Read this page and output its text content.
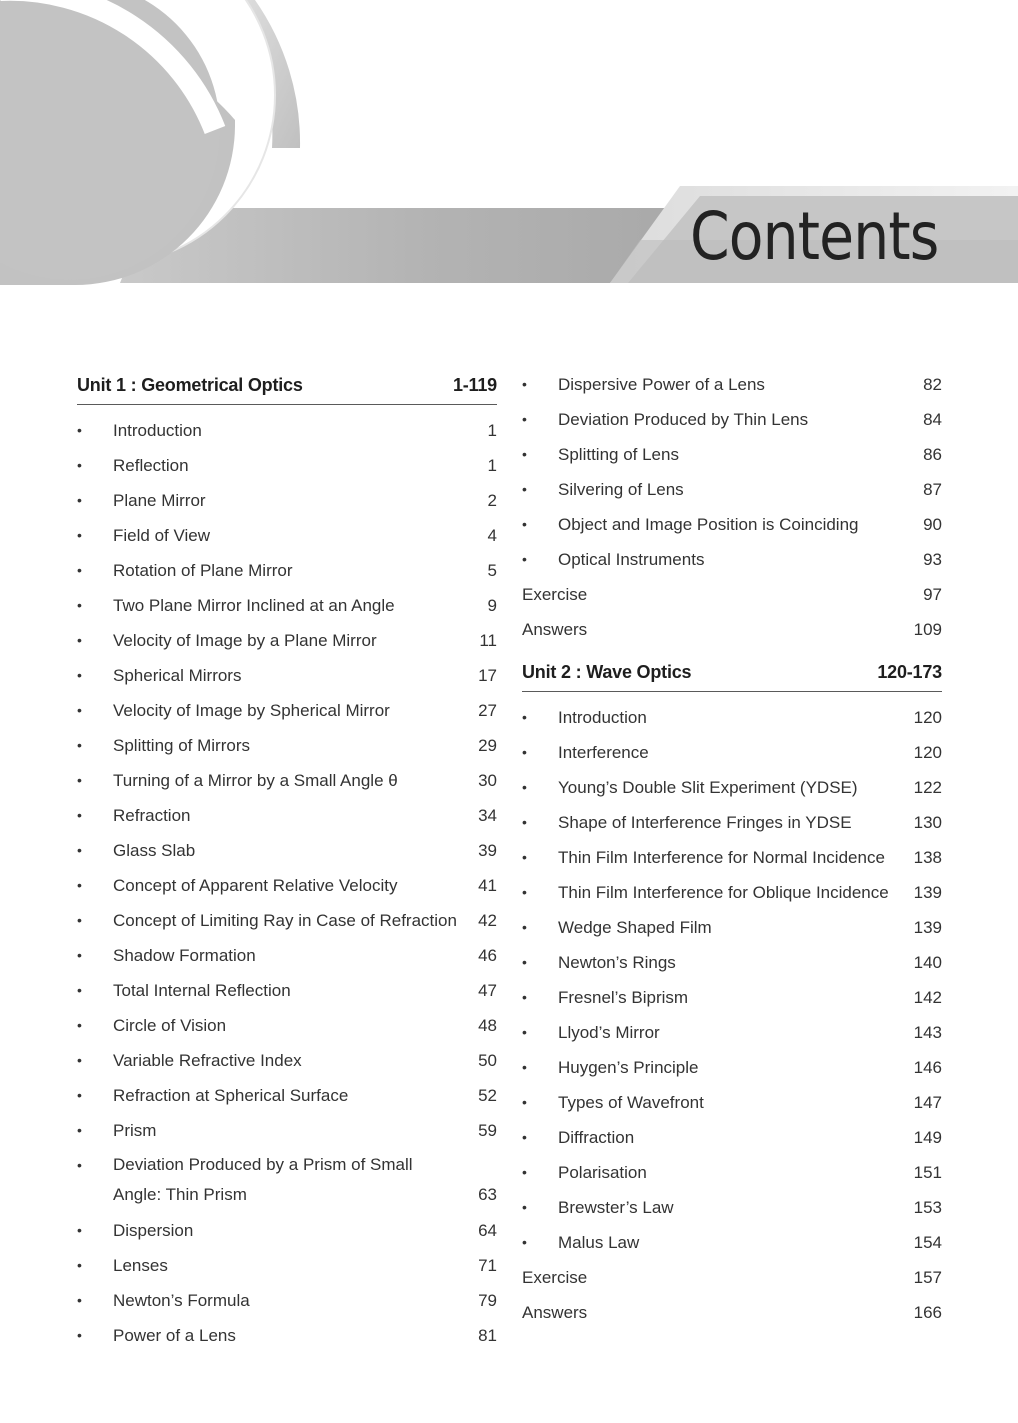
Contents
Unit 1 : Geometrical Optics	1-119
•	Introduction	1
•	Reflection	1
•	Plane Mirror	2
•	Field of View	4
•	Rotation of Plane Mirror	5
•	Two Plane Mirror Inclined at an Angle	9
•	Velocity of Image by a Plane Mirror	11
•	Spherical Mirrors	17
•	Velocity of Image by Spherical Mirror	27
•	Splitting of Mirrors	29
•	Turning of a Mirror by a Small Angle θ	30
•	Refraction	34
•	Glass Slab	39
•	Concept of Apparent Relative Velocity	41
•	Concept of Limiting Ray in Case of Refraction	42
•	Shadow Formation	46
•	Total Internal Reflection	47
•	Circle of Vision	48
•	Variable Refractive Index	50
•	Refraction at Spherical Surface	52
•	Prism	59
•	Deviation Produced by a Prism of Small Angle: Thin Prism	63
•	Dispersion	64
•	Lenses	71
•	Newton’s Formula	79
•	Power of a Lens	81
•	Dispersive Power of a Lens	82
•	Deviation Produced by Thin Lens	84
•	Splitting of Lens	86
•	Silvering of Lens	87
•	Object and Image Position is Coinciding	90
•	Optical Instruments	93
Exercise	97
Answers	109
Unit 2 : Wave Optics	120-173
•	Introduction	120
•	Interference	120
•	Young’s Double Slit Experiment (YDSE)	122
•	Shape of Interference Fringes in YDSE	130
•	Thin Film Interference for Normal Incidence	138
•	Thin Film Interference for Oblique Incidence	139
•	Wedge Shaped Film	139
•	Newton’s Rings	140
•	Fresnel’s Biprism	142
•	Llyod’s Mirror	143
•	Huygen’s Principle	146
•	Types of Wavefront	147
•	Diffraction	149
•	Polarisation	151
•	Brewster’s Law	153
•	Malus Law	154
Exercise	157
Answers	166
